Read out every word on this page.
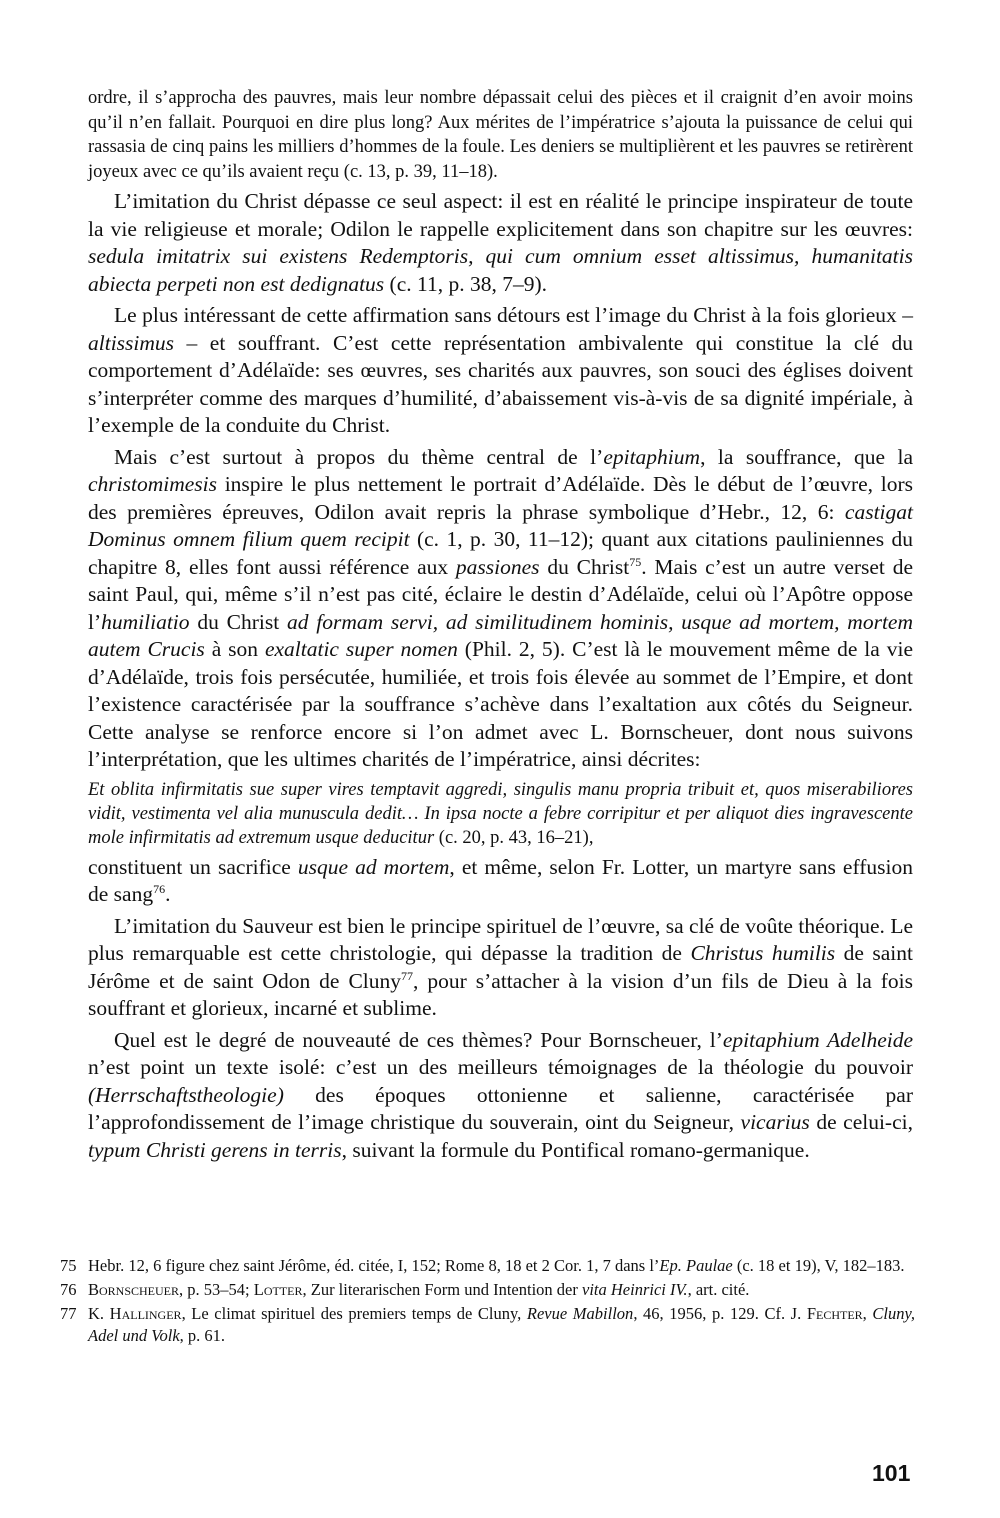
ordre, il s’approcha des pauvres, mais leur nombre dépassait celui des pièces et il craignit d’en avoir moins qu’il n’en fallait. Pourquoi en dire plus long? Aux mérites de l’impératrice s’ajouta la puissance de celui qui rassasia de cinq pains les milliers d’hommes de la foule. Les deniers se multiplièrent et les pauvres se retirèrent joyeux avec ce qu’ils avaient reçu (c. 13, p. 39, 11–18).

L’imitation du Christ dépasse ce seul aspect: il est en réalité le principe inspirateur de toute la vie religieuse et morale; Odilon le rappelle explicitement dans son chapitre sur les œuvres: sedula imitatrix sui existens Redemptoris, qui cum omnium esset altissimus, humanitatis abiecta perpeti non est dedignatus (c. 11, p. 38, 7–9).

Le plus intéressant de cette affirmation sans détours est l’image du Christ à la fois glorieux – altissimus – et souffrant. C’est cette représentation ambivalente qui constitue la clé du comportement d’Adélaïde: ses œuvres, ses charités aux pauvres, son souci des églises doivent s’interpréter comme des marques d’humilité, d’abaissement vis-à-vis de sa dignité impériale, à l’exemple de la conduite du Christ.

Mais c’est surtout à propos du thème central de l’epitaphium, la souffrance, que la christomimesis inspire le plus nettement le portrait d’Adélaïde. Dès le début de l’œuvre, lors des premières épreuves, Odilon avait repris la phrase symbolique d’Hebr., 12, 6: castigat Dominus omnem filium quem recipit (c. 1, p. 30, 11–12); quant aux citations pauliniennes du chapitre 8, elles font aussi référence aux passiones du Christ$^{75}$. Mais c’est un autre verset de saint Paul, qui, même s’il n’est pas cité, éclaire le destin d’Adélaïde, celui où l’Apôtre oppose l’humiliatio du Christ ad formam servi, ad similitudinem hominis, usque ad mortem, mortem autem Crucis à son exaltatic super nomen (Phil. 2, 5). C’est là le mouvement même de la vie d’Adélaïde, trois fois persécutée, humiliée, et trois fois élevée au sommet de l’Empire, et dont l’existence caractérisée par la souffrance s’achève dans l’exaltation aux côtés du Seigneur. Cette analyse se renforce encore si l’on admet avec L. Bornscheuer, dont nous suivons l’interprétation, que les ultimes charités de l’impératrice, ainsi décrites:

Et oblita infirmitatis sue super vires temptavit aggredi, singulis manu propria tribuit et, quos miserabiliores vidit, vestimenta vel alia munuscula dedit… In ipsa nocte a febre corripitur et per aliquot dies ingravescente mole infirmitatis ad extremum usque deducitur (c. 20, p. 43, 16–21),

constituent un sacrifice usque ad mortem, et même, selon Fr. Lotter, un martyre sans effusion de sang$^{76}$.

L’imitation du Sauveur est bien le principe spirituel de l’œuvre, sa clé de voûte théorique. Le plus remarquable est cette christologie, qui dépasse la tradition de Christus humilis de saint Jérôme et de saint Odon de Cluny$^{77}$, pour s’attacher à la vision d’un fils de Dieu à la fois souffrant et glorieux, incarné et sublime.

Quel est le degré de nouveauté de ces thèmes? Pour Bornscheuer, l’epitaphium Adelheide n’est point un texte isolé: c’est un des meilleurs témoignages de la théologie du pouvoir (Herrschaftstheologie) des époques ottonienne et salienne, caractérisée par l’approfondissement de l’image christique du souverain, oint du Seigneur, vicarius de celui-ci, typum Christi gerens in terris, suivant la formule du Pontifical romano-germanique.

75 Hebr. 12, 6 figure chez saint Jérôme, éd. citée, I, 152; Rome 8, 18 et 2 Cor. 1, 7 dans l’Ep. Paulae (c. 18 et 19), V, 182–183.
76 Bornscheuer, p. 53–54; Lotter, Zur literarischen Form und Intention der vita Heinrici IV., art. cité.
77 K. Hallinger, Le climat spirituel des premiers temps de Cluny, Revue Mabillon, 46, 1956, p. 129. Cf. J. Fechter, Cluny, Adel und Volk, p. 61.
101
